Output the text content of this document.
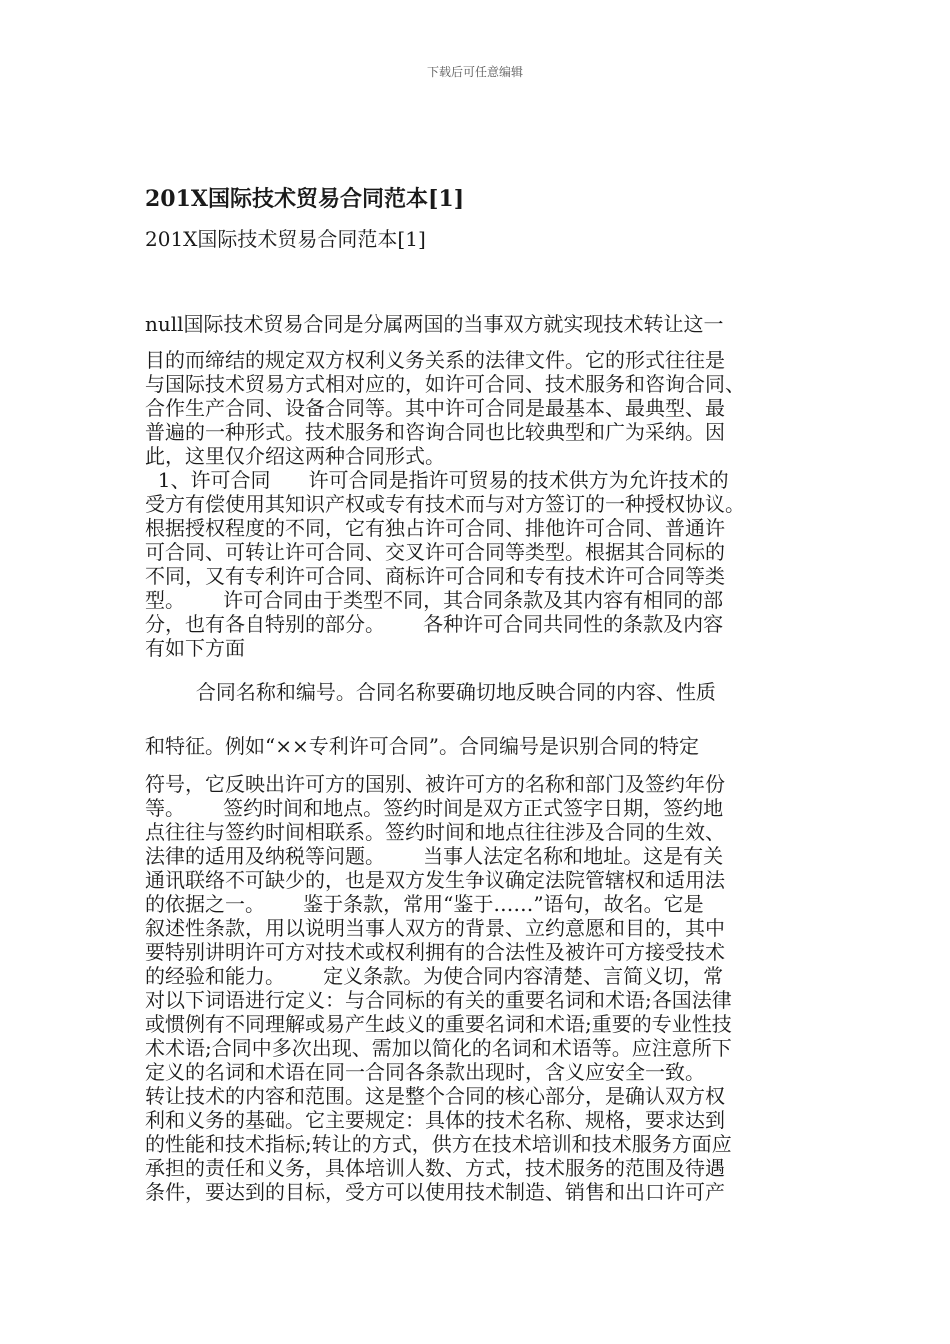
下载后可任意编辑
201X国际技术贸易合同范本[1]
201X国际技术贸易合同范本[1]
null国际技术贸易合同是分属两国的当事双方就实现技术转让这一
目的而缔结的规定双方权利义务关系的法律文件。它的形式往往是
与国际技术贸易方式相对应的，如许可合同、技术服务和咨询合同、
合作生产合同、设备合同等。其中许可合同是最基本、最典型、最
普遍的一种形式。技术服务和咨询合同也比较典型和广为采纳。因
此，这里仅介绍这两种合同形式。
1、许可合同      许可合同是指许可贸易的技术供方为允许技术的
受方有偿使用其知识产权或专有技术而与对方签订的一种授权协议。
根据授权程度的不同，它有独占许可合同、排他许可合同、普通许
可合同、可转让许可合同、交叉许可合同等类型。根据其合同标的
不同，又有专利许可合同、商标许可合同和专有技术许可合同等类
型。      许可合同由于类型不同，其合同条款及其内容有相同的部
分，也有各自特别的部分。      各种许可合同共同性的条款及内容
有如下方面
合同名称和编号。合同名称要确切地反映合同的内容、性质
和特征。例如“××专利许可合同”。合同编号是识别合同的特定
符号，它反映出许可方的国别、被许可方的名称和部门及签约年份
等。      签约时间和地点。签约时间是双方正式签字日期，签约地
点往往与签约时间相联系。签约时间和地点往往涉及合同的生效、
法律的适用及纳税等问题。      当事人法定名称和地址。这是有关
通讯联络不可缺少的，也是双方发生争议确定法院管辖权和适用法
的依据之一。      鉴于条款，常用“鉴于……”语句，故名。它是
叙述性条款，用以说明当事人双方的背景、立约意愿和目的，其中
要特别讲明许可方对技术或权利拥有的合法性及被许可方接受技术
的经验和能力。      定义条款。为使合同内容清楚、言简义切，常
对以下词语进行定义：与合同标的有关的重要名词和术语;各国法律
或惯例有不同理解或易产生歧义的重要名词和术语;重要的专业性技
术术语;合同中多次出现、需加以简化的名词和术语等。应注意所下
定义的名词和术语在同一合同各条款出现时，含义应安全一致。
转让技术的内容和范围。这是整个合同的核心部分，是确认双方权
利和义务的基础。它主要规定：具体的技术名称、规格，要求达到
的性能和技术指标;转让的方式，供方在技术培训和技术服务方面应
承担的责任和义务，具体培训人数、方式，技术服务的范围及待遇
条件，要达到的目标，受方可以使用技术制造、销售和出口许可产
